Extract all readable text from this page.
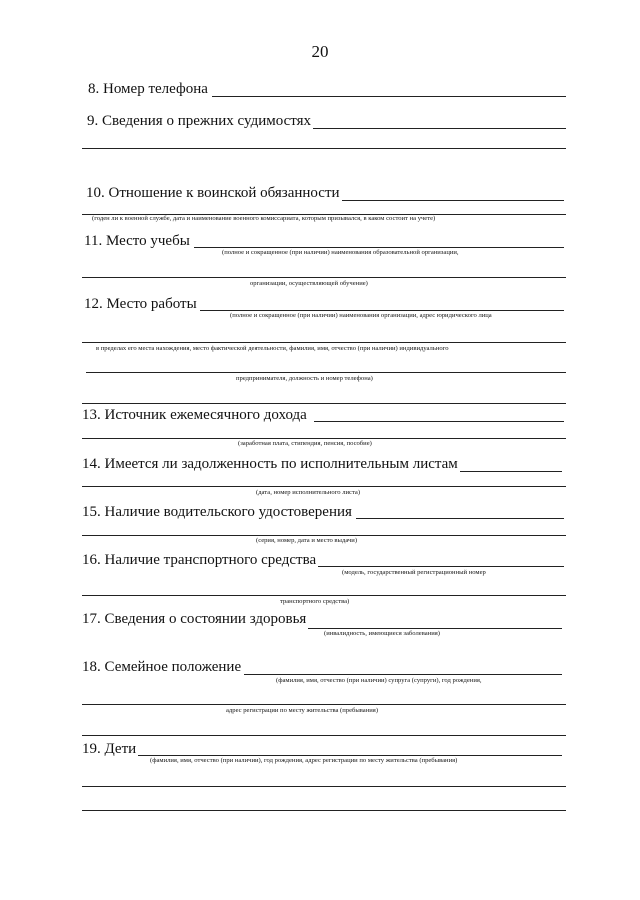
20
8. Номер телефона
9. Сведения о прежних судимостях
10. Отношение к воинской обязанности
(годен ли к военной службе, дата и наименование военного комиссариата, которым призывался, в каком состоит на учете)
11. Место учебы
(полное и сокращенное (при наличии) наименования образовательной организации,
организации, осуществляющей обучение)
12. Место работы
(полное и сокращенное (при наличии) наименования организации, адрес юридического лица
в пределах его места нахождения, место фактической деятельности, фамилия, имя, отчество (при наличии) индивидуального
предпринимателя, должность и номер телефона)
13. Источник ежемесячного дохода
(заработная плата, стипендия, пенсия, пособие)
14. Имеется ли задолженность по исполнительным листам
(дата, номер исполнительного листа)
15. Наличие водительского удостоверения
(серия, номер, дата и место выдачи)
16. Наличие транспортного средства
(модель, государственный регистрационный номер
транспортного средства)
17. Сведения о состоянии здоровья
(инвалидность, имеющиеся заболевания)
18. Семейное положение
(фамилия, имя, отчество (при наличии) супруга (супруги), год рождения,
адрес регистрации по месту жительства (пребывания)
19. Дети
(фамилия, имя, отчество (при наличии), год рождения, адрес регистрации по месту жительства (пребывания)
